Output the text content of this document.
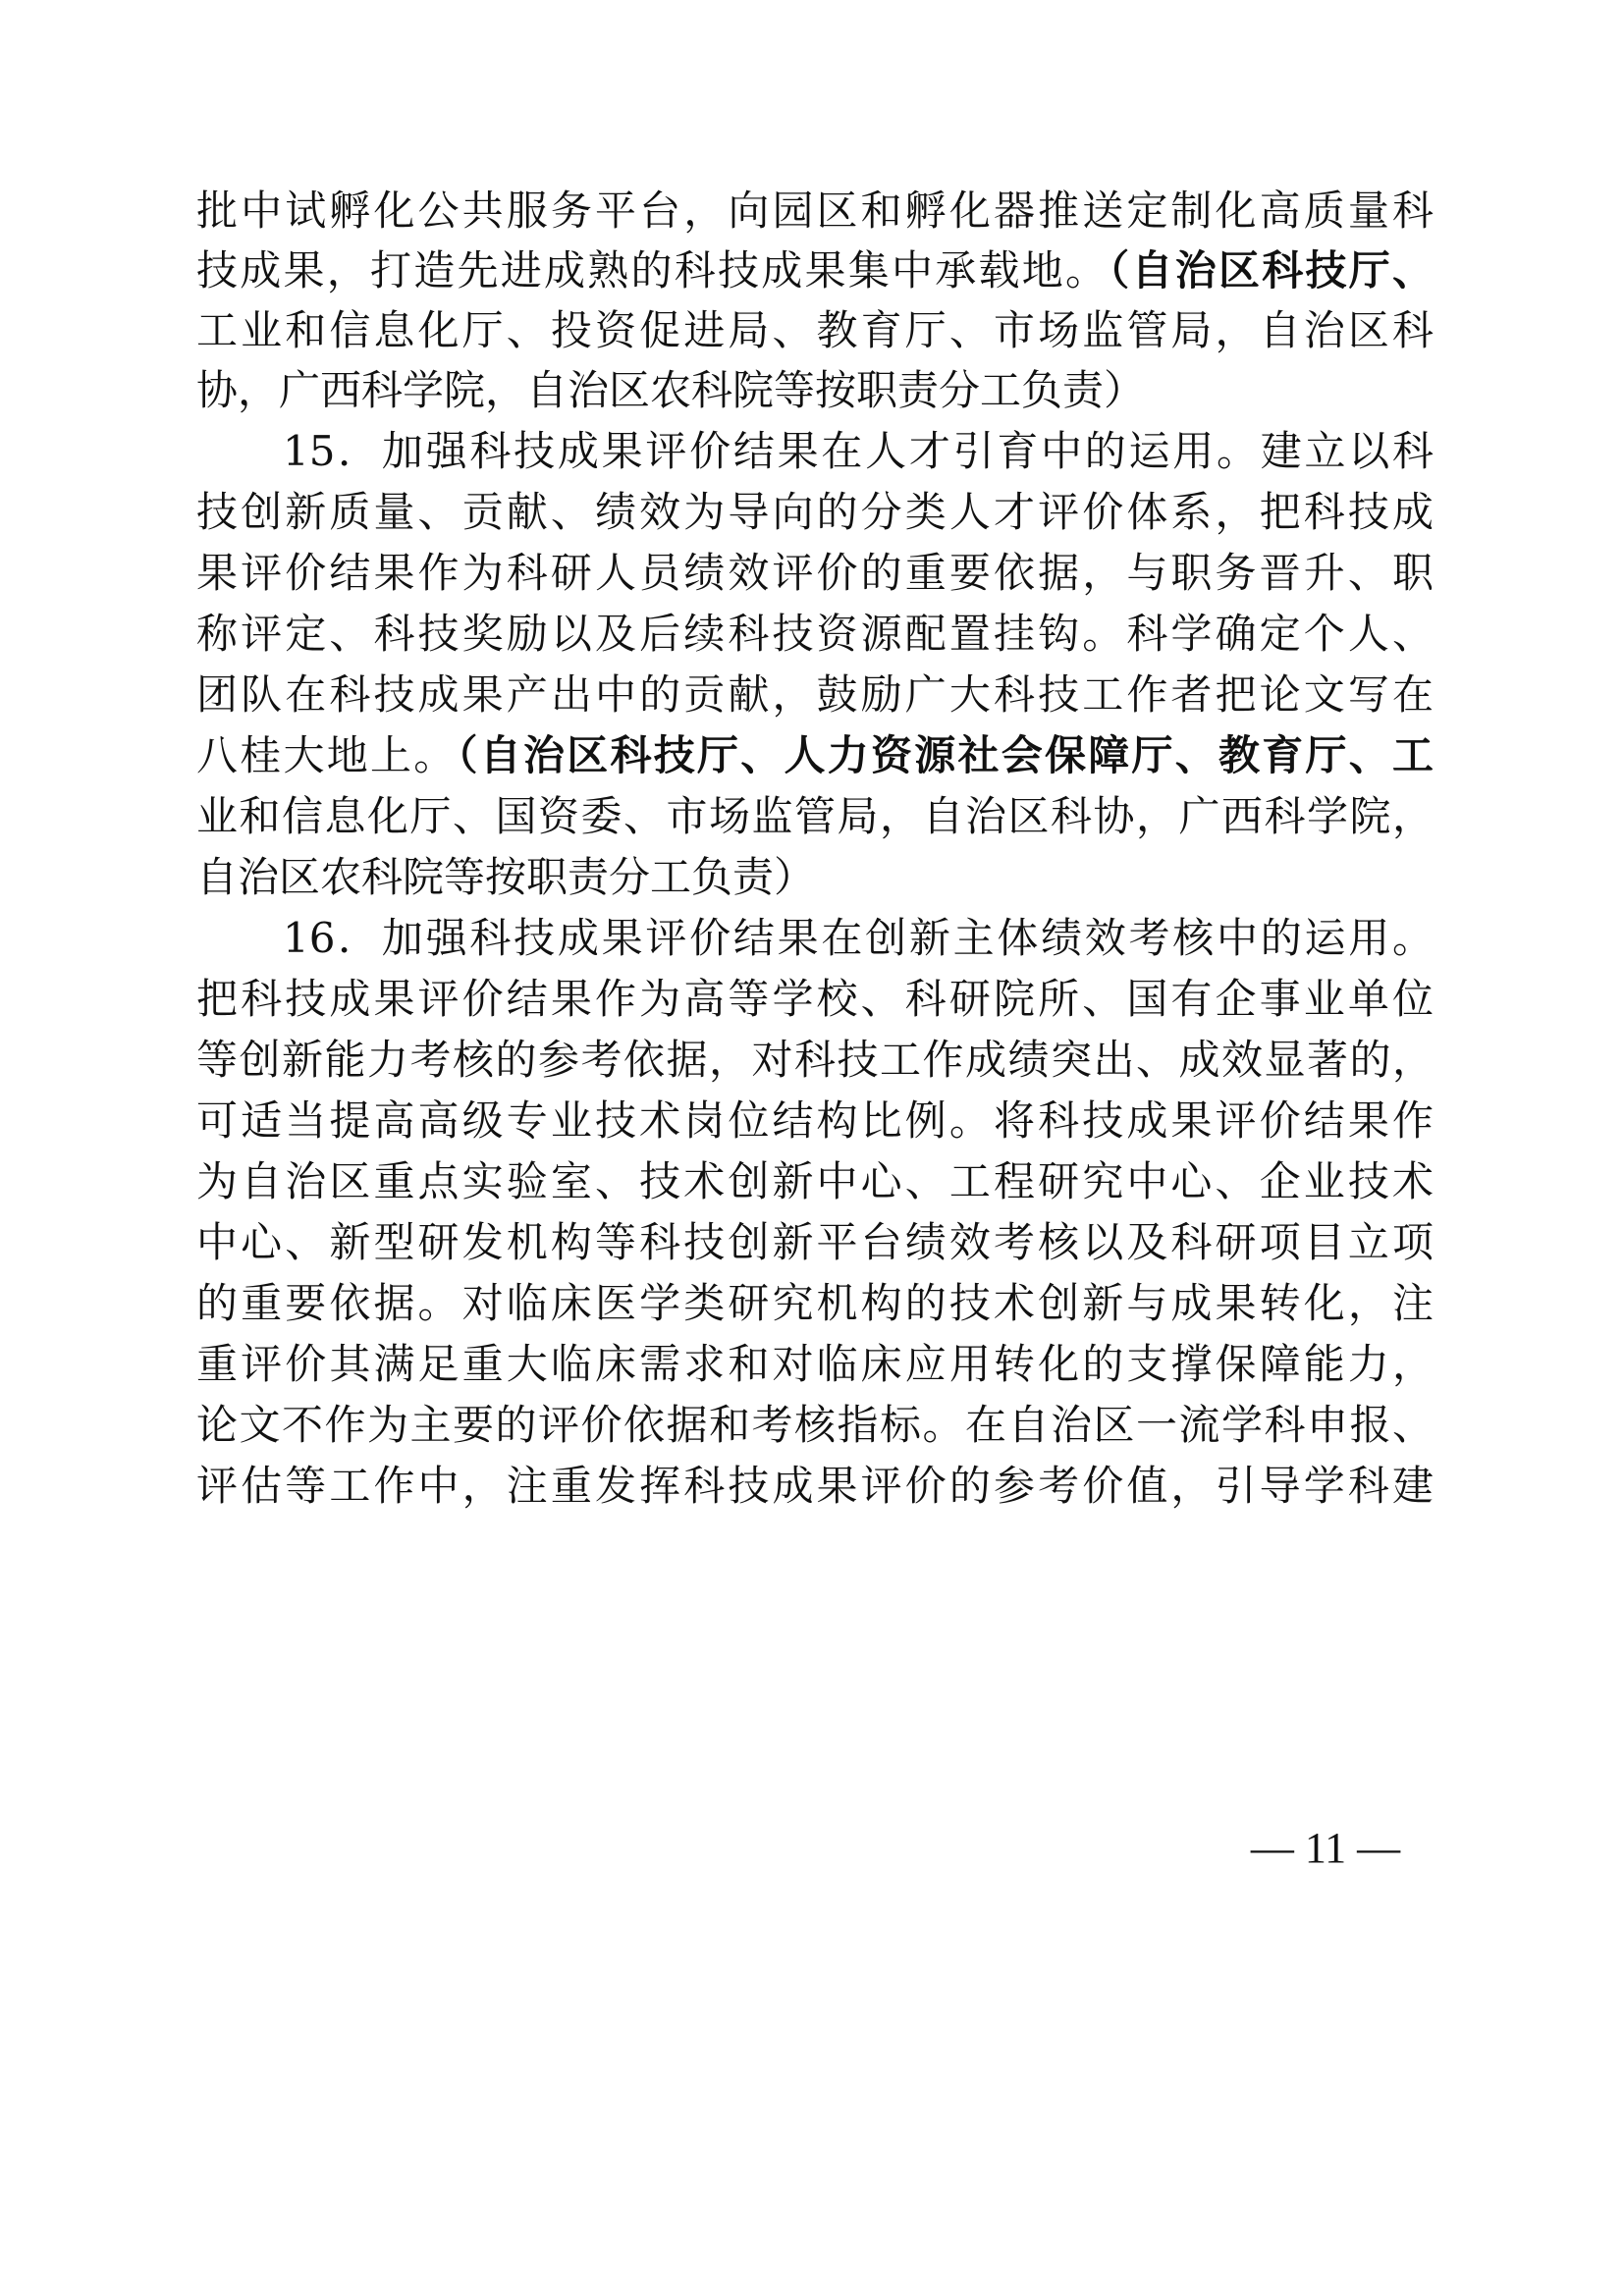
批中试孵化公共服务平台，向园区和孵化器推送定制化高质量科
技成果，打造先进成熟的科技成果集中承载地。（自治区科技厅、
工业和信息化厅、投资促进局、教育厅、市场监管局，自治区科
协，广西科学院，自治区农科院等按职责分工负责）
15．加强科技成果评价结果在人才引育中的运用。建立以科
技创新质量、贡献、绩效为导向的分类人才评价体系，把科技成
果评价结果作为科研人员绩效评价的重要依据，与职务晋升、职
称评定、科技奖励以及后续科技资源配置挂钩。科学确定个人、
团队在科技成果产出中的贡献，鼓励广大科技工作者把论文写在
八桂大地上。（自治区科技厅、人力资源社会保障厅、教育厅、工
业和信息化厅、国资委、市场监管局，自治区科协，广西科学院，
自治区农科院等按职责分工负责）
16．加强科技成果评价结果在创新主体绩效考核中的运用。
把科技成果评价结果作为高等学校、科研院所、国有企事业单位
等创新能力考核的参考依据，对科技工作成绩突出、成效显著的，
可适当提高高级专业技术岗位结构比例。将科技成果评价结果作
为自治区重点实验室、技术创新中心、工程研究中心、企业技术
中心、新型研发机构等科技创新平台绩效考核以及科研项目立项
的重要依据。对临床医学类研究机构的技术创新与成果转化，注
重评价其满足重大临床需求和对临床应用转化的支撑保障能力，
论文不作为主要的评价依据和考核指标。在自治区一流学科申报、
评估等工作中，注重发挥科技成果评价的参考价值，引导学科建
— 11 —
